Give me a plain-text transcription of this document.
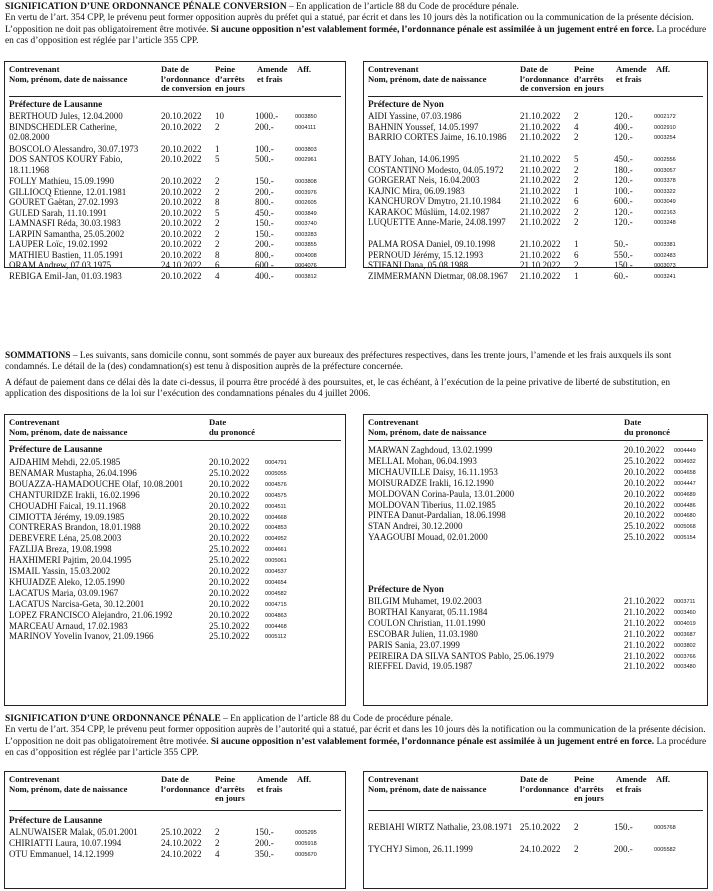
SIGNIFICATION D’UNE ORDONNANCE PÉNALE CONVERSION – En application de l’article 88 du Code de procédure pénale.

En vertu de l’art. 354 CPP, le prévenu peut former opposition auprès du préfet qui a statué, par écrit et dans les 10 jours dès la notification ou la communication de la présente décision. L’opposition ne doit pas obligatoirement être motivée. Si aucune opposition n’est valablement formée, l’ordonnance pénale est assimilée à un jugement entré en force. La procédure en cas d’opposition est réglée par l’article 355 CPP.

Contrevenant
Nom, prénom, date de naissance
Date de
l’ordonnance
de conversion
Peine
d’arrêts
en jours
Amende
et frais
Aff.
Préfecture de Lausanne
BERTHOUD Jules, 12.04.2000	20.10.2022 10	1000.-	0003850
BINDSCHEDLER Catherine, 02.08.2000
20.10.2022 2	200.-	0004111
BOSCOLO Alessandro, 30.07.1973	20.10.2022 1	100.-	0003803
DOS SANTOS KOURY Fabio, 18.11.1968
20.10.2022 5	500.-	0002961
FOLLY Mathieu, 15.09.1990	20.10.2022 2	150.-	0003808
GILLIOCQ Etienne, 12.01.1981	20.10.2022 2	200.-	0003976
GOURET Gaëtan, 27.02.1993	20.10.2022 8	800.-	0002605
GULED Sarah, 11.10.1991	20.10.2022 5	450.-	0003849
LAMNASFI Réda, 30.03.1983	20.10.2022 2	150.-	0003740
LARPIN Samantha, 25.05.2002	20.10.2022 2	150.-	0003283
LAUPER Loïc, 19.02.1992	20.10.2022 2	200.-	0003855
MATHIEU Bastien, 11.05.1991	20.10.2022 8	800.-	0004008
ORAM Andrew, 07.03.1975	24.10.2022 6	600.-	0004076
REBIGA Emil-Jan, 01.03.1983	20.10.2022 4	400.-	0003812
Contrevenant
Nom, prénom, date de naissance
Date de
l’ordonnance
de conversion
Peine
d’arrêts
en jours
Amende
et frais
Aff.
Préfecture de Nyon
AIDI Yassine, 07.03.1986	21.10.2022 2	120.-	0002172
BAHNIN Youssef, 14.05.1997	21.10.2022 4	400.-	0002910
BARRIO CORTES Jaime, 16.10.1986	21.10.2022 2	120.-	0003254
BATY Johan, 14.06.1995	21.10.2022 5	450.-	0002556
COSTANTINO Modesto, 04.05.1972	21.10.2022 2	180.-	0003057
GORGERAT Neis, 16.04.2003	21.10.2022 2	120.-	0003378
KAJNIC Mira, 06.09.1983	21.10.2022 1	100.-	0003322
KANCHUROV Dmytro, 21.10.1984	21.10.2022 6	600.-	0003049
KARAKOC Müslüm, 14.02.1987	21.10.2022 2	120.-	0002163
LUQUETTE Anne-Marie, 24.08.1997	21.10.2022 2	120.-	0003248
PALMA ROSA Daniel, 09.10.1998	21.10.2022 1	50.-	0003381
PERNOUD Jérémy, 15.12.1993	21.10.2022 6	550.-	0002483
STIFANI Dana, 05.08.1988	21.10.2022 2	150.-	0003073
ZIMMERMANN Dietmar, 08.08.1967	21.10.2022 1	60.-	0003241

SOMMATIONS – Les suivants, sans domicile connu, sont sommés de payer aux bureaux des préfectures respectives, dans les trente jours, l’amende et les frais auxquels ils sont condamnés. Le détail de la (des) condamnation(s) est tenu à disposition auprès de la préfecture concernée.

A défaut de paiement dans ce délai dès la date ci-dessus, il pourra être procédé à des poursuites, et, le cas échéant, à l’exécution de la peine privative de liberté de substitution, en application des dispositions de la loi sur l’exécution des condamnations pénales du 4 juillet 2006.

Contrevenant
Nom, prénom, date de naissance
Date
du prononcé
Préfecture de Lausanne
AJDAHIM Mehdi, 22.05.1985	20.10.2022	0004791
BENAMAR Mustapha, 26.04.1996	25.10.2022	0005055
BOUAZZA-HAMADOUCHE Olaf, 10.08.2001	20.10.2022	0004576
CHANTURIDZE Irakli, 16.02.1996	20.10.2022	0004575
CHOUADHI Faical, 19.11.1968	20.10.2022	0004511
CIMIOTTA Jérémy, 19.09.1985	20.10.2022	0004668
CONTRERAS Brandon, 18.01.1988	20.10.2022	0004853
DEBEVERE Léna, 25.08.2003	20.10.2022	0004952
FAZLIJA Breza, 19.08.1998	25.10.2022	0004661
HAXHIMERI Pajtim, 20.04.1995	25.10.2022	0005061
ISMAIL Yassin, 15.03.2002	20.10.2022	0004537
KHUJADZE Aleko, 12.05.1990	20.10.2022	0004654
LACATUS Maria, 03.09.1967	20.10.2022	0004582
LACATUS Narcisa-Geta, 30.12.2001	20.10.2022	0004715
LOPEZ FRANCISCO Alejandro, 21.06.1992	20.10.2022	0004863
MARCEAU Arnaud, 17.02.1983	25.10.2022	0004468
MARINOV Yovelin Ivanov, 21.09.1966	25.10.2022	0005112
Contrevenant
Nom, prénom, date de naissance
Date
du prononcé
MARWAN Zaghdoud, 13.02.1999	20.10.2022 0004449
MELLAL Mohan, 06.04.1993	25.10.2022 0004932
MICHAUVILLE Daisy, 16.11.1953	20.10.2022 0004658
MOISURADZE Irakli, 16.12.1990	20.10.2022 0004447
MOLDOVAN Corina-Paula, 13.01.2000	20.10.2022 0004689
MOLDOVAN Tiberius, 11.02.1985	20.10.2022 0004486
PINTEA Danut-Pardalian, 18.06.1998	20.10.2022 0004680
STAN Andrei, 30.12.2000	25.10.2022 0005068
YAAGOUBI Mouad, 02.01.2000	25.10.2022 0005154
Préfecture de Nyon
BILGIM Muhamet, 19.02.2003	21.10.2022 0003711
BORTHAI Kanyarat, 05.11.1984	21.10.2022 0003460
COULON Christian, 11.01.1990	21.10.2022 0004019
ESCOBAR Julien, 11.03.1980	21.10.2022 0003687
PARIS Sania, 23.07.1999	21.10.2022 0003802
PEIREIRA DA SILVA SANTOS Pablo, 25.06.1979	21.10.2022 0003766
RIEFFEL David, 19.05.1987	21.10.2022 0003480

SIGNIFICATION D’UNE ORDONNANCE PÉNALE – En application de l’article 88 du Code de procédure pénale.

En vertu de l’art. 354 CPP, le prévenu peut former opposition auprès de l’autorité qui a statué, par écrit et dans les 10 jours dès la notification ou la communication de la présente décision. L’opposition ne doit pas obligatoirement être motivée. Si aucune opposition n’est valablement formée, l’ordonnance pénale est assimilée à un jugement entré en force. La procédure en cas d’opposition est réglée par l’article 355 CPP.

Contrevenant
Nom, prénom, date de naissance
Date de
l’ordonnance
Peine
d’arrêts
en jours
Amende
et frais
Aff.
Préfecture de Lausanne
ALNUWAISER Malak, 05.01.2001	25.10.2022 2	150.-	0005295
CHIRIATTI Laura, 10.07.1994	24.10.2022 2	200.-	0005918
OTU Emmanuel, 14.12.1999	24.10.2022 4	350.-	0005670
Contrevenant
Nom, prénom, date de naissance
Date de
l’ordonnance
Peine
d’arrêts
en jours
Amende
et frais
Aff.
REBIAHI WIRTZ Nathalie, 23.08.1971 25.10.2022 2	150.-	0005768
TYCHYJ Simon, 26.11.1999	24.10.2022 2	200.-	0005582
